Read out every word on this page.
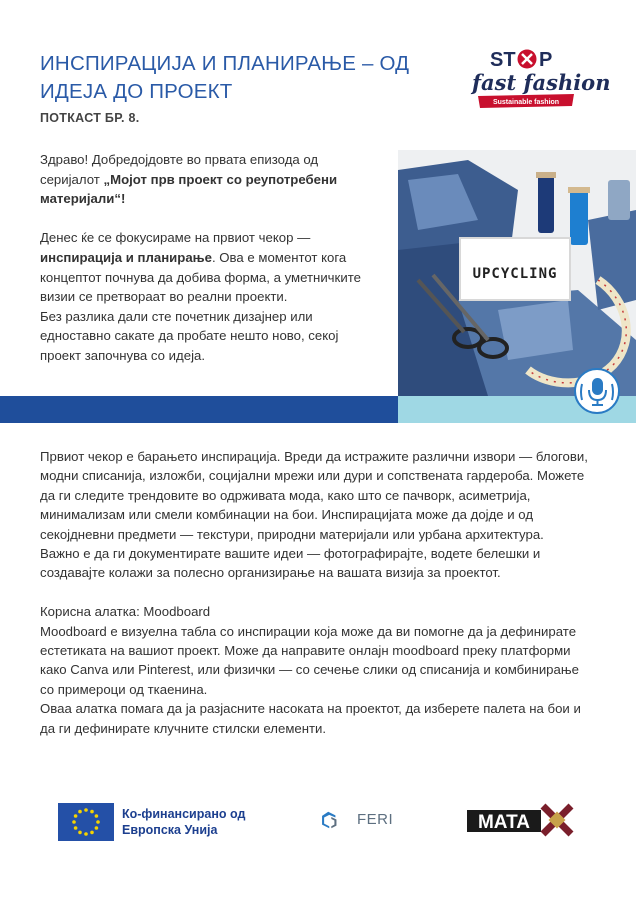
ИНСПИРАЦИЈА И ПЛАНИРАЊЕ – ОД ИДЕЈА ДО ПРОЕКТ
ПОТКАСТ БР. 8.
ST P
fast fashion
Sustainable fashion

Здраво! Добредојдовте во првата епизода од серијалот „Мојот прв проект со реупотребени материјали“!

Денес ќе се фокусираме на првиот чекор — инспирација и планирање. Ова е моментот кога концептот почнува да добива форма, а уметничките визии се претвораат во реални проекти.

Без разлика дали сте почетник дизајнер или едноставно сакате да пробате нешто ново, секој проект започнува со идеја.

UPCYCLING

Првиот чекор е барањето инспирација. Вреди да истражите различни извори — блогови, модни списанија, изложби, социјални мрежи или дури и сопствената гардероба. Можете да ги следите трендовите во одрживата мода, како што се пачворк, асиметрија, минимализам или смели комбинации на бои. Инспирацијата може да дојде и од секојдневни предмети — текстури, природни материјали или урбана архитектура.

Важно е да ги документирате вашите идеи — фотографирајте, водете белешки и создавајте колажи за полесно организирање на вашата визија за проектот.

Корисна алатка: Moodboard

Moodboard е визуелна табла со инспирации која може да ви помогне да ја дефинирате естетиката на вашиот проект. Може да направите онлајн moodboard преку платформи како Canva или Pinterest, или физички — со сечење слики од списанија и комбинирање со примероци од ткаенина.

Оваа алатка помага да ја разјасните насоката на проектот, да изберете палета на бои и да ги дефинирате клучните стилски елементи.

Ко-финансирано од
Европска Унија
FERI	MATA
